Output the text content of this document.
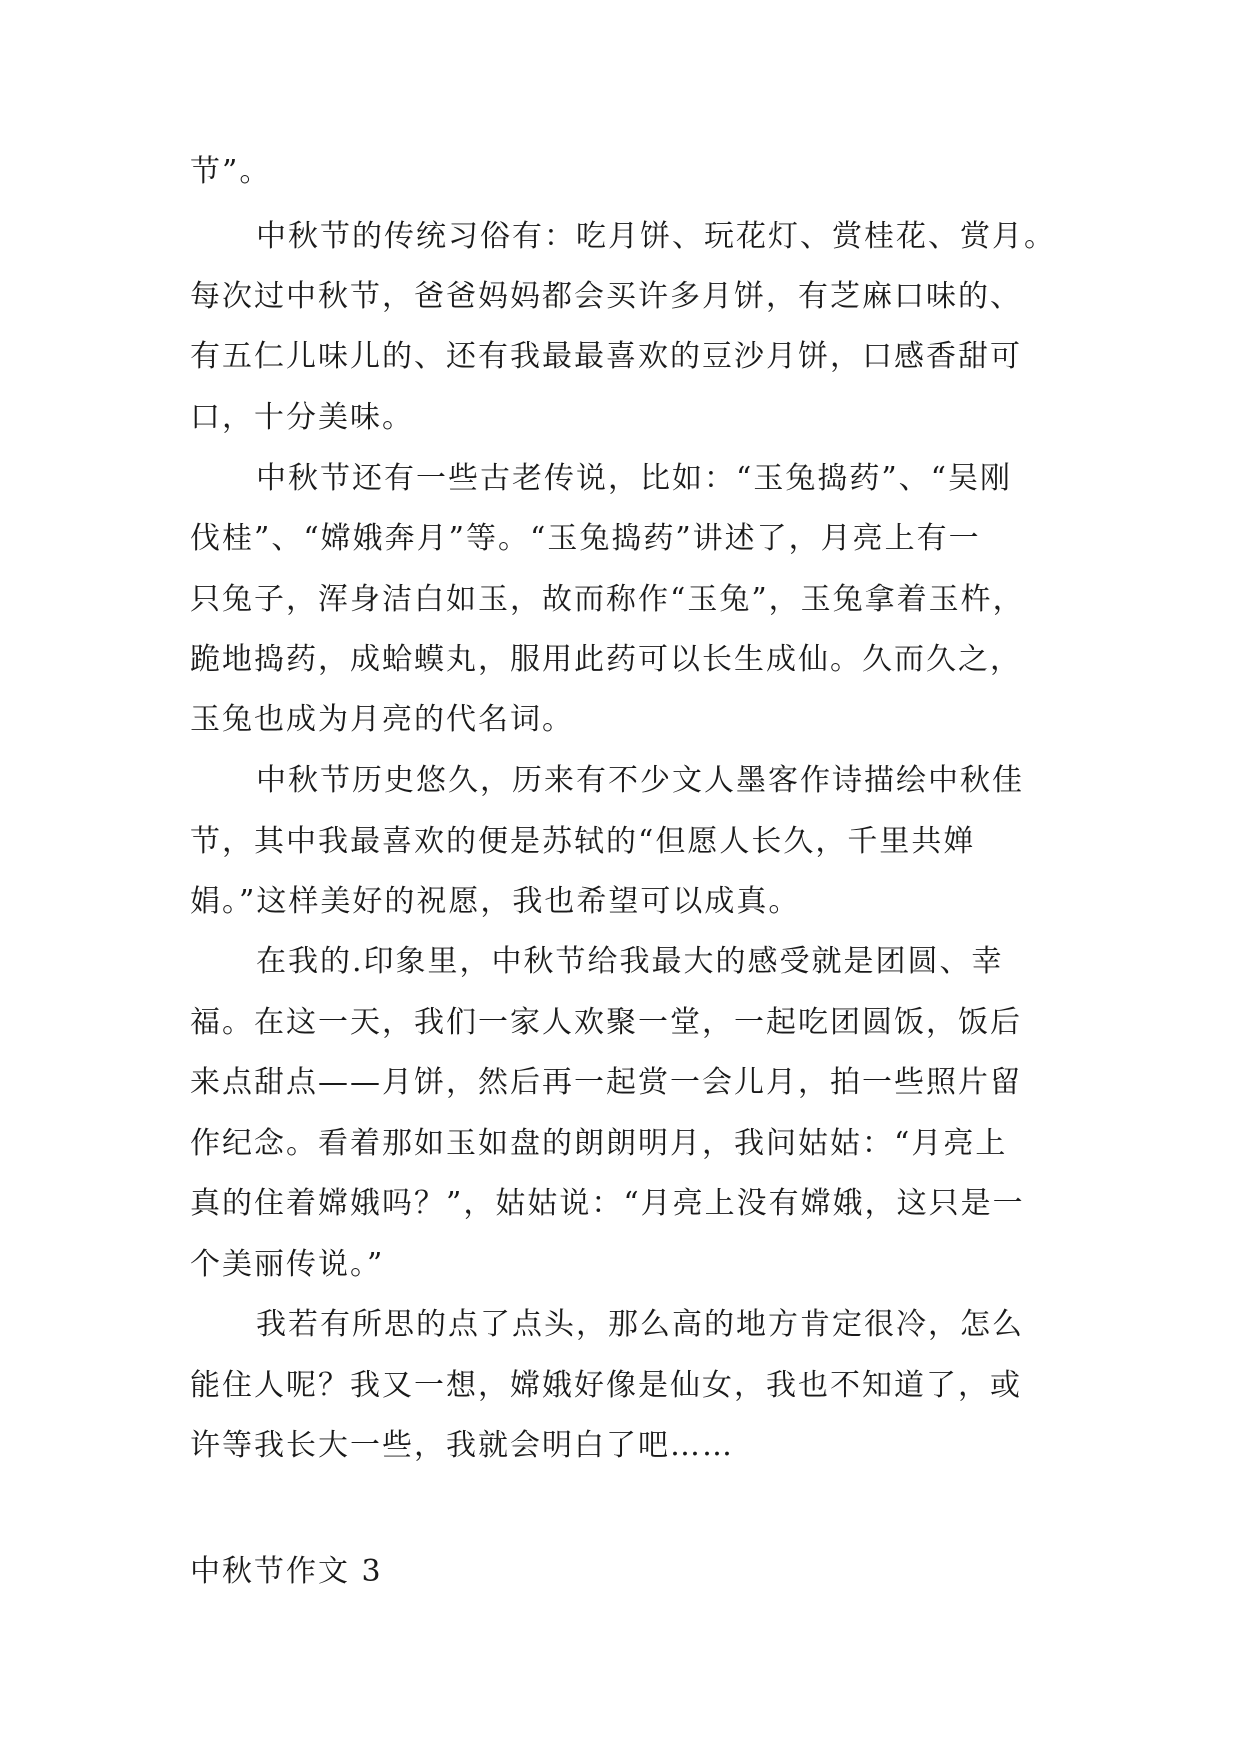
节”。
中秋节的传统习俗有：吃月饼、玩花灯、赏桂花、赏月。
每次过中秋节，爸爸妈妈都会买许多月饼，有芝麻口味的、
有五仁儿味儿的、还有我最最喜欢的豆沙月饼，口感香甜可
口，十分美味。
中秋节还有一些古老传说，比如：“玉兔捣药”、“吴刚
伐桂”、“嫦娥奔月”等。“玉兔捣药”讲述了，月亮上有一
只兔子，浑身洁白如玉，故而称作“玉兔”，玉兔拿着玉杵，
跪地捣药，成蛤蟆丸，服用此药可以长生成仙。久而久之，
玉兔也成为月亮的代名词。
中秋节历史悠久，历来有不少文人墨客作诗描绘中秋佳
节，其中我最喜欢的便是苏轼的“但愿人长久，千里共婵
娟。”这样美好的祝愿，我也希望可以成真。
在我的.印象里，中秋节给我最大的感受就是团圆、幸
福。在这一天，我们一家人欢聚一堂，一起吃团圆饭，饭后
来点甜点——月饼，然后再一起赏一会儿月，拍一些照片留
作纪念。看着那如玉如盘的朗朗明月，我问姑姑：“月亮上
真的住着嫦娥吗？”，姑姑说：“月亮上没有嫦娥，这只是一
个美丽传说。”
我若有所思的点了点头，那么高的地方肯定很冷，怎么
能住人呢？我又一想，嫦娥好像是仙女，我也不知道了，或
许等我长大一些，我就会明白了吧……
中秋节作文 3
